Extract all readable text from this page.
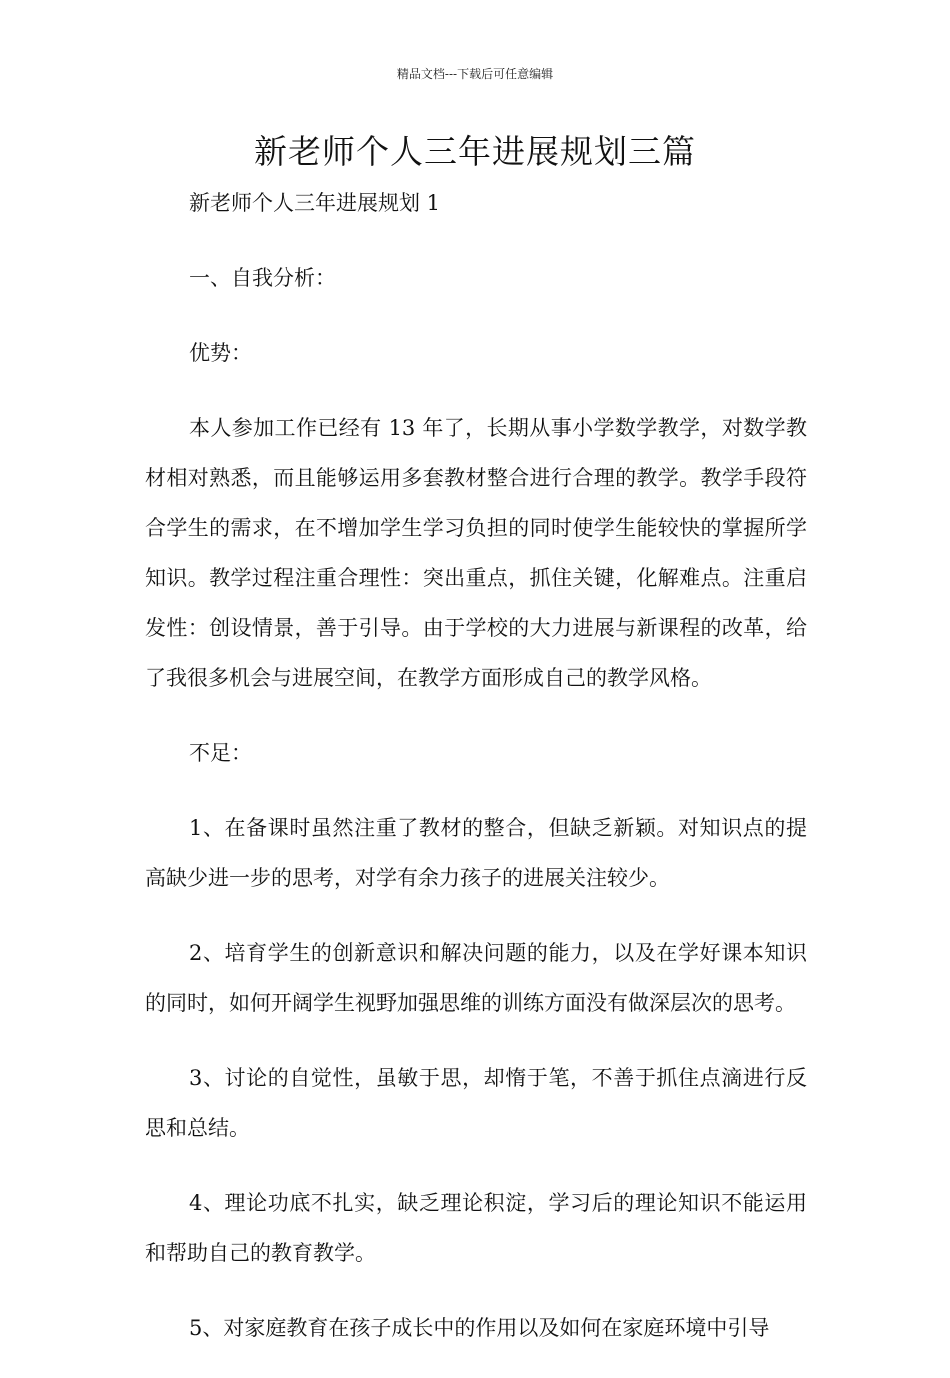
精品文档---下载后可任意编辑
新老师个人三年进展规划三篇

新老师个人三年进展规划 1

一、自我分析：

优势：

本人参加工作已经有 13 年了，长期从事小学数学教学，对数学教材相对熟悉，而且能够运用多套教材整合进行合理的教学。教学手段符合学生的需求，在不增加学生学习负担的同时使学生能较快的掌握所学知识。教学过程注重合理性：突出重点，抓住关键，化解难点。注重启发性：创设情景，善于引导。由于学校的大力进展与新课程的改革，给了我很多机会与进展空间，在教学方面形成自己的教学风格。

不足：

1、在备课时虽然注重了教材的整合，但缺乏新颖。对知识点的提高缺少进一步的思考，对学有余力孩子的进展关注较少。

2、培育学生的创新意识和解决问题的能力，以及在学好课本知识的同时，如何开阔学生视野加强思维的训练方面没有做深层次的思考。

3、讨论的自觉性，虽敏于思，却惰于笔，不善于抓住点滴进行反思和总结。

4、理论功底不扎实，缺乏理论积淀，学习后的理论知识不能运用和帮助自己的教育教学。

5、对家庭教育在孩子成长中的作用以及如何在家庭环境中引导
